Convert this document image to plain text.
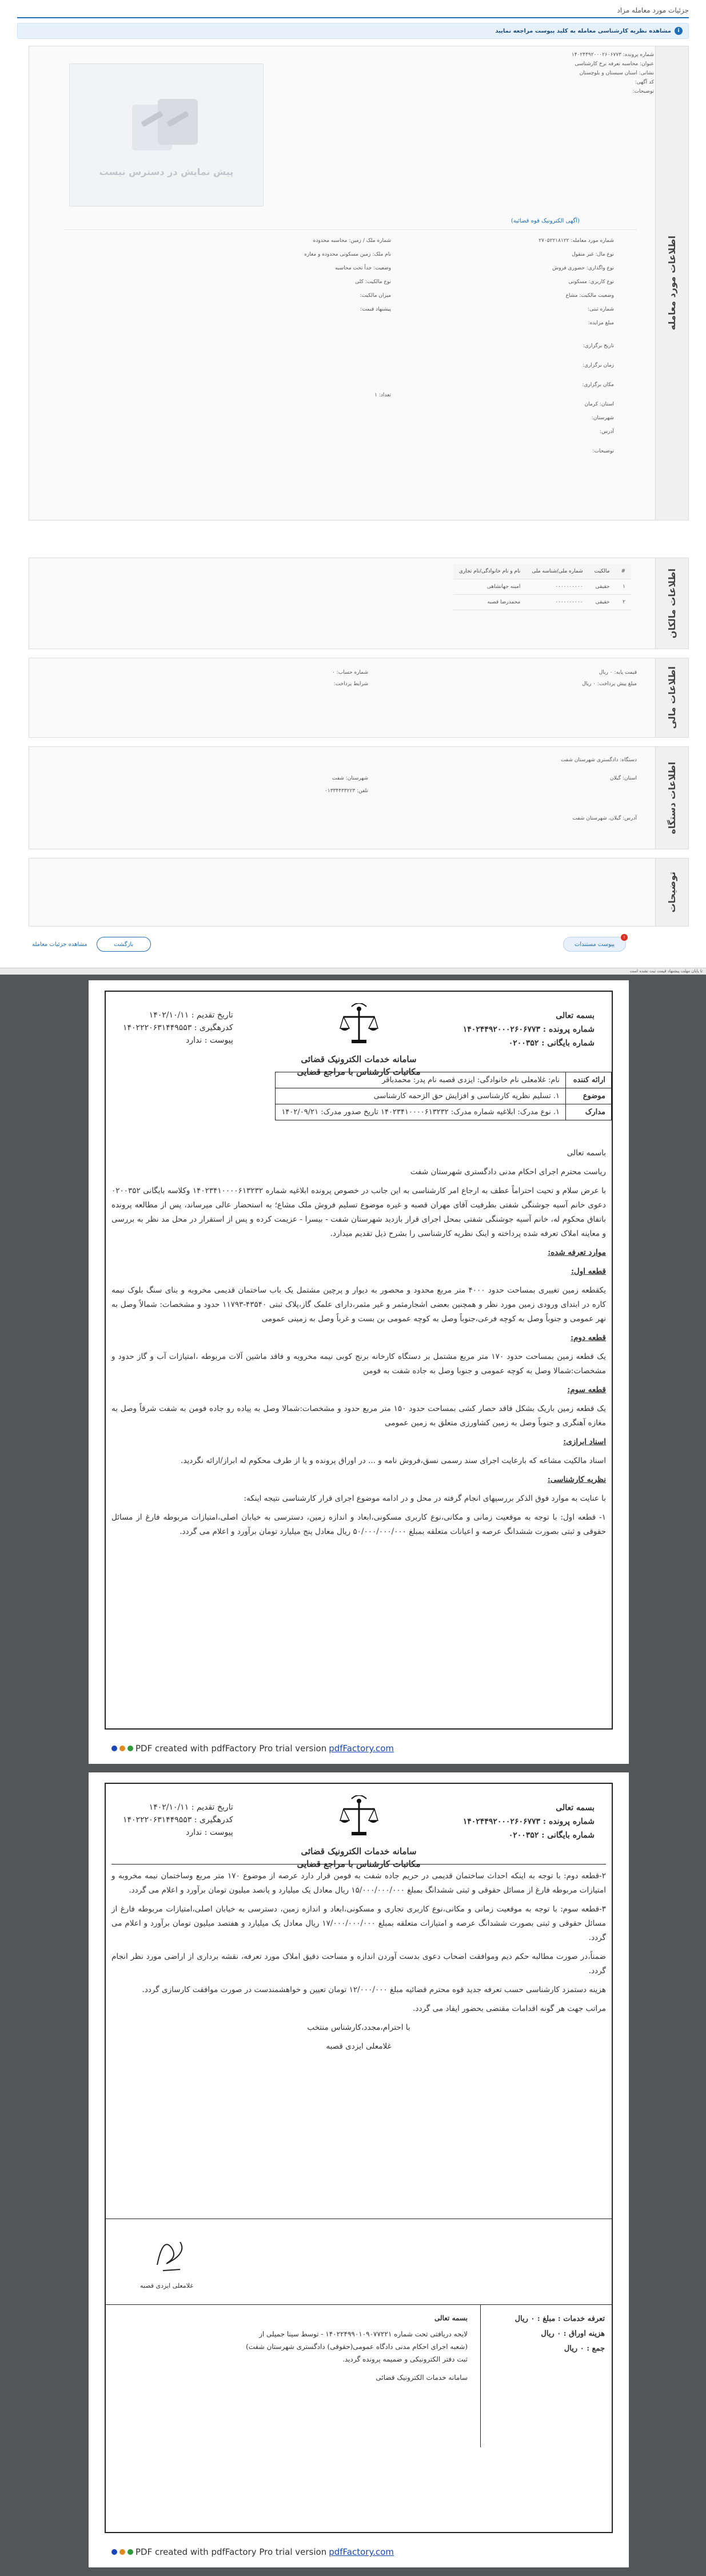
جزئیات مورد معامله مزاد
i
مشاهده نظریه کارشناسی معامله به کلید پیوست مراجعه نمایید
اطلاعات مورد معامله
شماره پرونده: ۱۴۰۲۴۴۹۲۰۰۰۲۶۰۶۷۷۳
عنوان: محاسبه تعرفه نرخ کارشناسی
نشانی: استان سیستان و بلوچستان
کد آگهی:
توضیحات:
پیش نمایش در دسترس نیست
(آگهی الکترونیک قوه قضائیه)
شماره مورد معامله: ۲۷۰۵۲۲۱۸۱۲۲
نوع مال: غیر منقول
نوع واگذاری: حضوری فروش
نوع کاربری: مسکونی
وضعیت مالکیت: مشاع
شماره ثبتی:
مبلغ مزایده:
تاریخ برگزاری:
زمان برگزاری:
مکان برگزاری:
استان: کرمان
شهرستان:
آدرس:
توضیحات:
شماره ملک / زمین: محاسبه محدوده
نام ملک: زمین مسکونی محدوده و مغازه
وضعیت: جداً تحت محاسبه
نوع مالکیت: کلی
میزان مالکیت:
پیشنهاد قیمت:
تعداد: ۱
اطلاعات مالکان
#	مالکیت	شماره ملی/شناسه ملی	نام و نام خانوادگی/نام تجاری
۱	حقیقی	۰۰۰۰۰۰۰۰۰۰	امینه جهانشاهی
۲	حقیقی	۰۰۰۰۰۰۰۰۰۰	محمدرضا قصبه
اطلاعات مالی
قیمت پایه: ۰ ریال
مبلغ پیش پرداخت: ۰ ریال
شماره حساب: ۰
شرایط پرداخت:
اطلاعات دستگاه
دستگاه: دادگستری شهرستان شفت
استان: گیلان
شهرستان: شفت
تلفن: ۰۱۳۳۴۴۳۳۲۲۳
آدرس: گیلان، شهرستان شفت
توضیحات
پیوست مستندات
!
بازگشت
مشاهده جزئیات معامله
تا پایان مهلت پیشنهاد قیمت ثبت نشده است
بسمه تعالی
شماره پرونده : ۱۴۰۲۴۴۹۲۰۰۰۲۶۰۶۷۷۳
شماره بایگانی : ۰۲۰۰۳۵۲
سامانه خدمات الکترونیک قضائی
مکاتبات کارشناس با مراجع قضایی
تاریخ تقدیم : ۱۴۰۲/۱۰/۱۱
کدرهگیری : ۱۴۰۲۲۲۰۶۳۱۴۴۹۵۵۳
پیوست : ندارد
ارائه کننده	نام: غلامعلی نام خانوادگی: ایزدی قصبه نام پدر: محمدباقر
موضوع	۱. تسلیم نظریه کارشناسی و افزایش حق الزحمه کارشناسی
مدارک	۱. نوع مدرک: ابلاغیه شماره مدرک: ۱۴۰۲۳۴۱۰۰۰۰۶۱۳۲۳۲ تاریخ صدور مدرک: ۱۴۰۲/۰۹/۲۱

باسمه تعالی

ریاست محترم اجرای احکام مدنی دادگستری شهرستان شفت

با عرض سلام و تحیت احتراماً عطف به ارجاع امر کارشناسی به این جانب در خصوص پرونده ابلاغیه شماره ۱۴۰۲۳۴۱۰۰۰۰۶۱۳۲۳۲ وکلاسه بایگانی ۰۲۰۰۳۵۲ دعوی خانم آسیه جوشنگی شفتی بطرفیت آقای مهران قصبه و غیره موضوع تسلیم فروش ملک مشاع؛ به استحضار عالی میرساند، پس از مطالعه پرونده باتفاق محکوم له، خانم آسیه جوشنگی شفتی بمحل اجرای قرار بازدید شهرستان شفت - بیسرا - عزیمت کرده و پس از استقرار در محل مد نظر به بررسی و معاینه املاک تعرفه شده پرداخته و اینک نظریه کارشناسی را بشرح ذیل تقدیم میدارد.

موارد تعرفه شده:

قطعه اول:

یکقطعه زمین تغییری بمساحت حدود ۴۰۰۰ متر مربع محدود و محصور به دیوار و پرچین مشتمل یک باب ساختمان قدیمی مخروبه و بنای سنگ بلوک نیمه کاره در ابتدای ورودی زمین مورد نظر و همچنین بعضی اشجارمثمر و غیر مثمر،دارای علمک گاز،پلاک ثبتی ۴۳۵۴۰-۱۱۷۹۳ حدود و مشخصات: شمالاً وصل به نهر عمومی و جنوباً وصل به کوچه فرعی،جنوباً وصل به کوچه عمومی بن بست و غرباً وصل به زمینی عمومی

قطعه دوم:

یک قطعه زمین بمساحت حدود ۱۷۰ متر مربع مشتمل بر دستگاه کارخانه برنج کوبی نیمه مخروبه و فاقد ماشین آلات مربوطه ،امتیازات آب و گاز حدود و مشخصات:شمالا وصل به کوچه عمومی و جنوبا وصل به جاده شفت به فومن

قطعه سوم:

یک قطعه زمین باریک بشکل فاقد حصار کشی بمساحت حدود ۱۵۰ متر مربع حدود و مشخصات:شمالا وصل به پیاده رو جاده فومن به شفت شرقاً وصل به مغازه آهنگری و جنوباً وصل به زمین کشاورزی متعلق به زمین عمومی

اسناد ابرازی:

اسناد مالکیت مشاعه که بارعایت اجرای سند رسمی نسق،فروش نامه و ... در اوراق پرونده و یا از طرف محکوم له ابراز/ارائه نگردید.

نظریه کارشناسی:

با عنایت به موارد فوق الذکر بررسیهای انجام گرفته در محل و در ادامه موضوع اجرای قرار کارشناسی نتیجه اینکه:

۱- قطعه اول: با توجه به موقعیت زمانی و مکانی،نوع کاربری مسکونی،ابعاد و اندازه زمین، دسترسی به خیابان اصلی،امتیازات مربوطه فارغ از مسائل حقوقی و ثبتی بصورت ششدانگ عرصه و اعیانات متعلقه بمبلغ ۵۰/۰۰۰/۰۰۰/۰۰۰ ریال معادل پنج میلیارد تومان برآورد و اعلام می گردد.

PDF created with pdfFactory Pro trial version pdfFactory.com
بسمه تعالی
شماره پرونده : ۱۴۰۲۴۴۹۲۰۰۰۲۶۰۶۷۷۳
شماره بایگانی : ۰۲۰۰۳۵۲
سامانه خدمات الکترونیک قضائی
مکاتبات کارشناس با مراجع قضایی
تاریخ تقدیم : ۱۴۰۲/۱۰/۱۱
کدرهگیری : ۱۴۰۲۲۲۰۶۳۱۴۴۹۵۵۳
پیوست : ندارد

۲-قطعه دوم: با توجه به اینکه احداث ساختمان قدیمی در حریم جاده شفت به فومن قرار دارد عرصه از موضوع ۱۷۰ متر مربع وساختمان نیمه مخروبه و امتیازات مربوطه فارغ از مسائل حقوقی و ثبتی ششدانگ بمبلغ ۱۵/۰۰۰/۰۰۰/۰۰۰ ریال معادل یک میلیارد و پانصد میلیون تومان برآورد و اعلام می گردد.

۳-قطعه سوم: با توجه به موقعیت زمانی و مکانی،نوع کاربری تجاری و مسکونی،ابعاد و اندازه زمین، دسترسی به خیابان اصلی،امتیازات مربوطه فارغ از مسائل حقوقی و ثبتی بصورت ششدانگ عرصه و امتیازات متعلقه بمبلغ ۱۷/۰۰۰/۰۰۰/۰۰۰ ریال معادل یک میلیارد و هفتصد میلیون تومان برآورد و اعلام می گردد.

ضمناً،در صورت مطالبه حکم دیم وموافقت اصحاب دعوی بدست آوردن اندازه و مساحت دقیق املاک مورد تعرفه، نقشه برداری از اراضی مورد نظر انجام گردد.

هزینه دستمزد کارشناسی حسب تعرفه جدید قوه محترم قضائیه مبلغ ۱۲/۰۰۰/۰۰۰ تومان تعیین و خواهشمندست در صورت موافقت کارسازی گردد.

مراتب جهت هر گونه اقدامات مقتضی بحضور ایفاد می گردد.

با احترام،مجدد،کارشناس منتخب

غلامعلی ایزدی قصبه

غلامعلی ایزدی قصبه
تعرفه خدمات : مبلغ : ۰ ریال
هزینه اوراق : ۰ ریال
جمع : ۰ ریال
بسمه تعالی
لایحه دریافتی تحت شماره ۱۴۰۲۲۴۹۹۰۱۰۹۰۷۷۲۲۱ - توسط سینا جمیلی از (شعبه اجرای احکام مدنی دادگاه عمومی(حقوقی) دادگستری شهرستان شفت) ثبت دفتر الکترونیکی و ضمیمه پرونده گردید.
سامانه خدمات الکترونیک قضائی
PDF created with pdfFactory Pro trial version pdfFactory.com
